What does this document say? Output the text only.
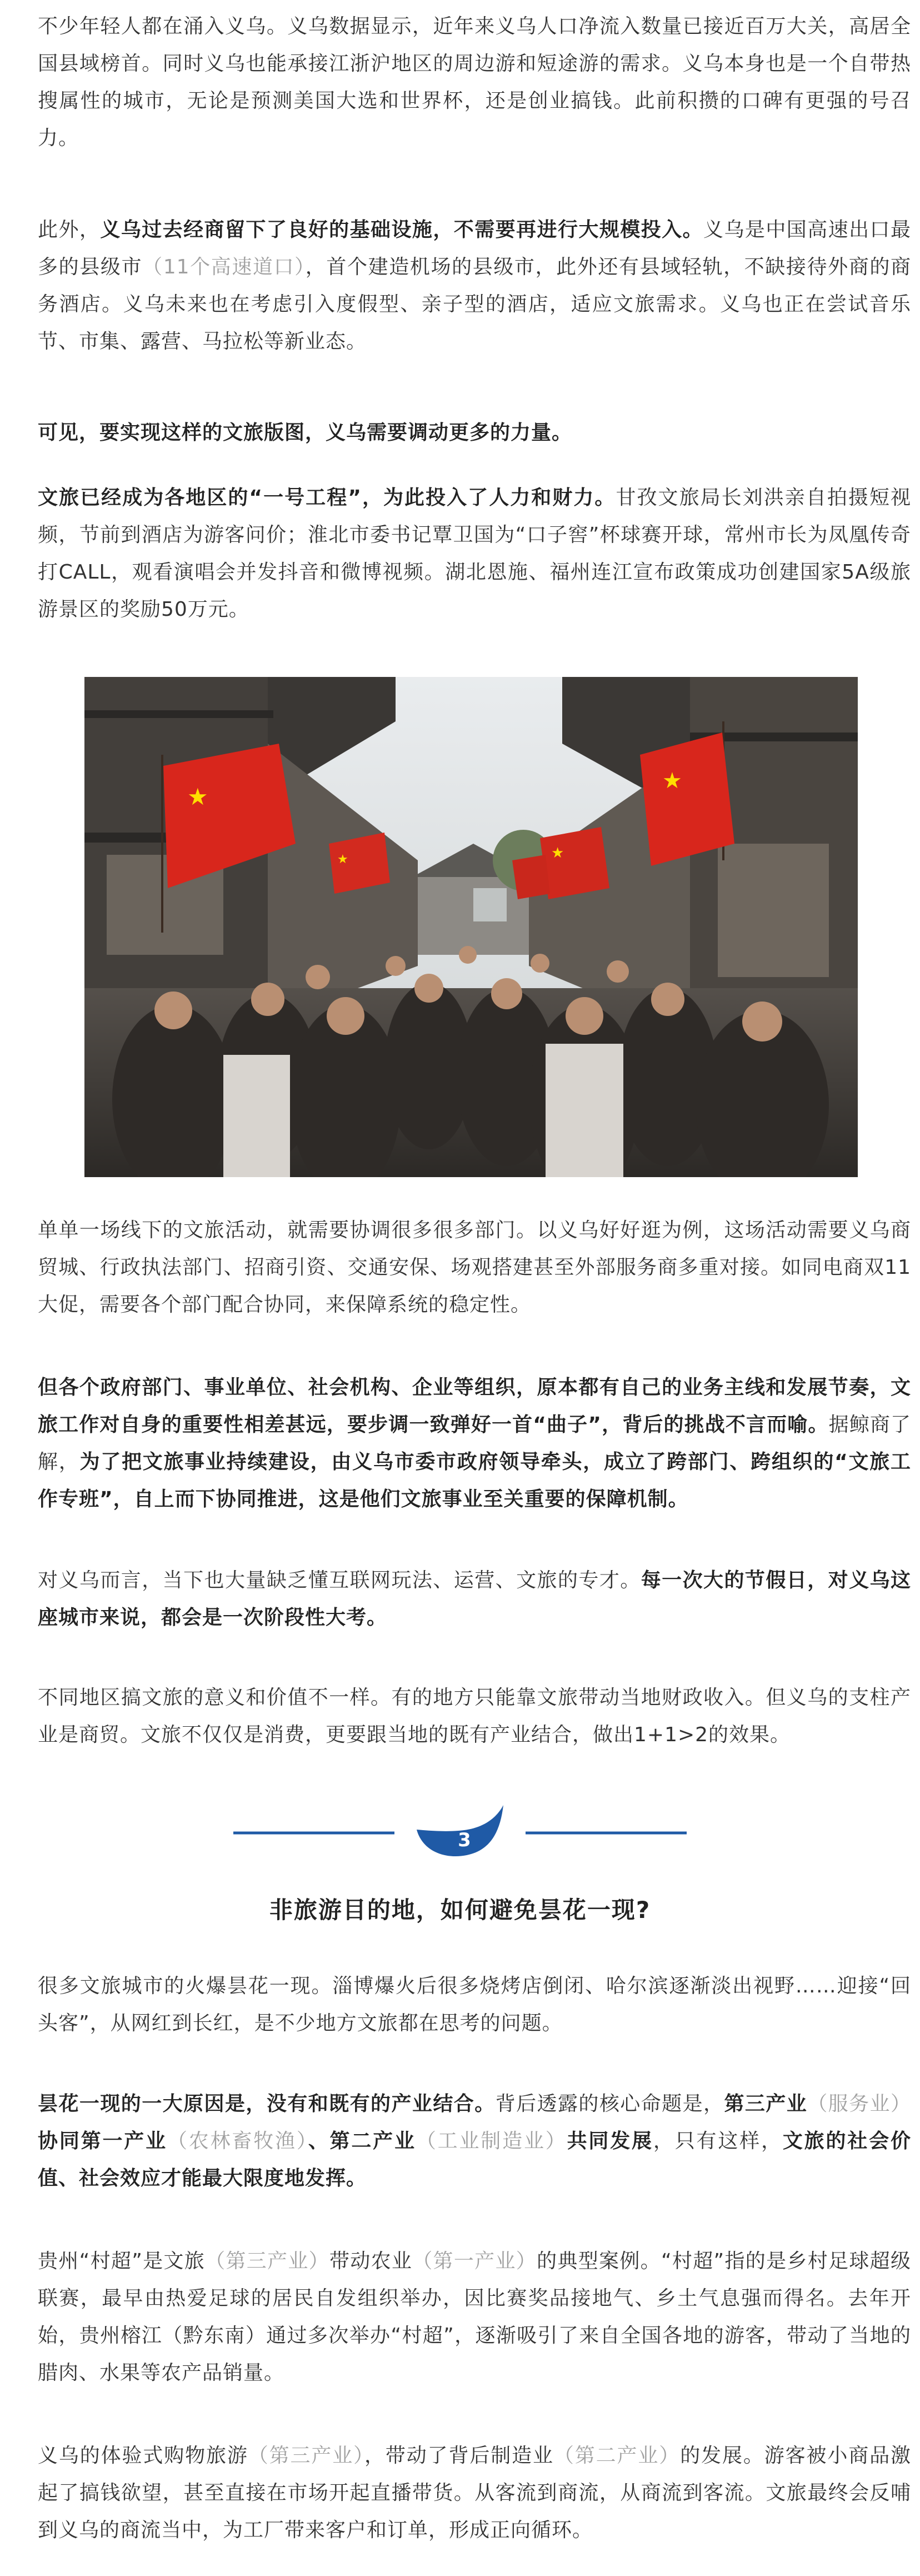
不少年轻人都在涌入义乌。义乌数据显示，近年来义乌人口净流入数量已接近百万大关，高居全国县域榜首。同时义乌也能承接江浙沪地区的周边游和短途游的需求。义乌本身也是一个自带热搜属性的城市，无论是预测美国大选和世界杯，还是创业搞钱。此前积攒的口碑有更强的号召力。

此外，义乌过去经商留下了良好的基础设施，不需要再进行大规模投入。义乌是中国高速出口最多的县级市（11个高速道口），首个建造机场的县级市，此外还有县域轻轨，不缺接待外商的商务酒店。义乌未来也在考虑引入度假型、亲子型的酒店，适应文旅需求。义乌也正在尝试音乐节、市集、露营、马拉松等新业态。

可见，要实现这样的文旅版图，义乌需要调动更多的力量。

文旅已经成为各地区的“一号工程”，为此投入了人力和财力。甘孜文旅局长刘洪亲自拍摄短视频，节前到酒店为游客问价；淮北市委书记覃卫国为“口子窖”杯球赛开球，常州市长为凤凰传奇打CALL，观看演唱会并发抖音和微博视频。湖北恩施、福州连江宣布政策成功创建国家5A级旅游景区的奖励50万元。

单单一场线下的文旅活动，就需要协调很多很多部门。以义乌好好逛为例，这场活动需要义乌商贸城、行政执法部门、招商引资、交通安保、场观搭建甚至外部服务商多重对接。如同电商双11大促，需要各个部门配合协同，来保障系统的稳定性。

但各个政府部门、事业单位、社会机构、企业等组织，原本都有自己的业务主线和发展节奏，文旅工作对自身的重要性相差甚远，要步调一致弹好一首“曲子”，背后的挑战不言而喻。据鲸商了解，为了把文旅事业持续建设，由义乌市委市政府领导牵头，成立了跨部门、跨组织的“文旅工作专班”，自上而下协同推进，这是他们文旅事业至关重要的保障机制。

对义乌而言，当下也大量缺乏懂互联网玩法、运营、文旅的专才。每一次大的节假日，对义乌这座城市来说，都会是一次阶段性大考。

不同地区搞文旅的意义和价值不一样。有的地方只能靠文旅带动当地财政收入。但义乌的支柱产业是商贸。文旅不仅仅是消费，更要跟当地的既有产业结合，做出1+1>2的效果。

很多文旅城市的火爆昙花一现。淄博爆火后很多烧烤店倒闭、哈尔滨逐渐淡出视野……迎接“回头客”，从网红到长红，是不少地方文旅都在思考的问题。

昙花一现的一大原因是，没有和既有的产业结合。背后透露的核心命题是，第三产业（服务业）协同第一产业（农林畜牧渔）、第二产业（工业制造业）共同发展，只有这样，文旅的社会价值、社会效应才能最大限度地发挥。

贵州“村超”是文旅（第三产业）带动农业（第一产业）的典型案例。“村超”指的是乡村足球超级联赛，最早由热爱足球的居民自发组织举办，因比赛奖品接地气、乡土气息强而得名。去年开始，贵州榕江（黔东南）通过多次举办“村超”，逐渐吸引了来自全国各地的游客，带动了当地的腊肉、水果等农产品销量。

义乌的体验式购物旅游（第三产业），带动了背后制造业（第二产业）的发展。游客被小商品激起了搞钱欲望，甚至直接在市场开起直播带货。从客流到商流，从商流到客流。文旅最终会反哺到义乌的商流当中，为工厂带来客户和订单，形成正向循环。

★
★
★
★
3
非旅游目的地，如何避免昙花一现?
